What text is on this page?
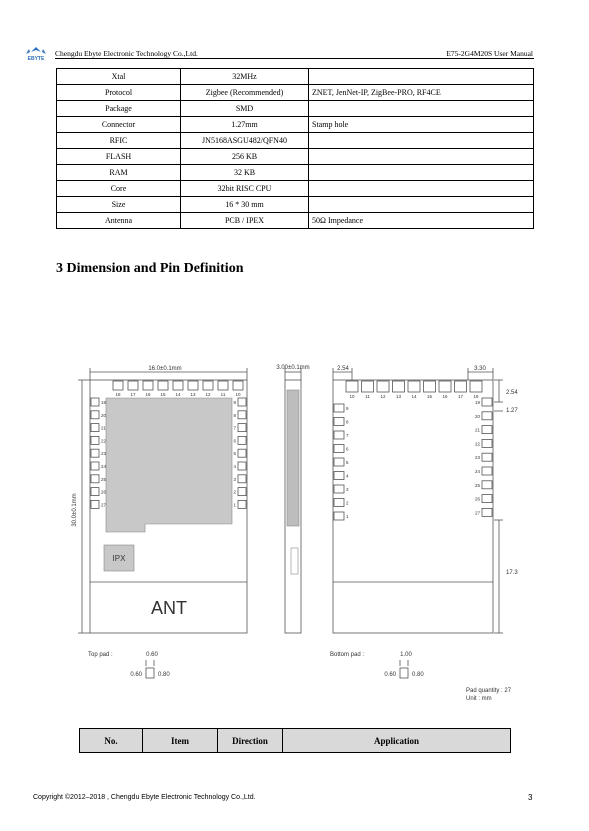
EBYTE
Chengdu Ebyte Electronic Technology Co.,Ltd.	E75-2G4M20S User Manual
Xtal	32MHz	
Protocol	Zigbee (Recommended)	ZNET, JenNet-IP, ZigBee-PRO, RF4CE
Package	SMD	
Connector	1.27mm	Stamp hole
RFIC	JN5168ASGU482/QFN40	
FLASH	256 KB	
RAM	32 KB	
Core	32bit RISC CPU	
Size	16 * 30 mm	
Antenna	PCB / IPEX	50Ω Impedance
3 Dimension and Pin Definition
IPX
ANT
16.0±0.1mm
30.0±0.1mm
18 17 16 15 14 13 12 11 10
19
20
21
22
23
24
25
26
27
9
8
7
6
5
4
3
2
1
3.00±0.1mm	2.54	3.30
2.54
1.27
17.3
10 11 12 13 14 15 16 17 18
9
8
7
6
5
4
3
2
1
19
20
21
22
23
24
25
26
27
Top pad :	0.60
0.60	0.80
Bottom pad :	1.00
0.60	0.80
Pad quantity : 27
Unit : mm
No.	Item	Direction	Application
Copyright ©2012–2018 , Chengdu Ebyte Electronic Technology Co.,Ltd.	3
